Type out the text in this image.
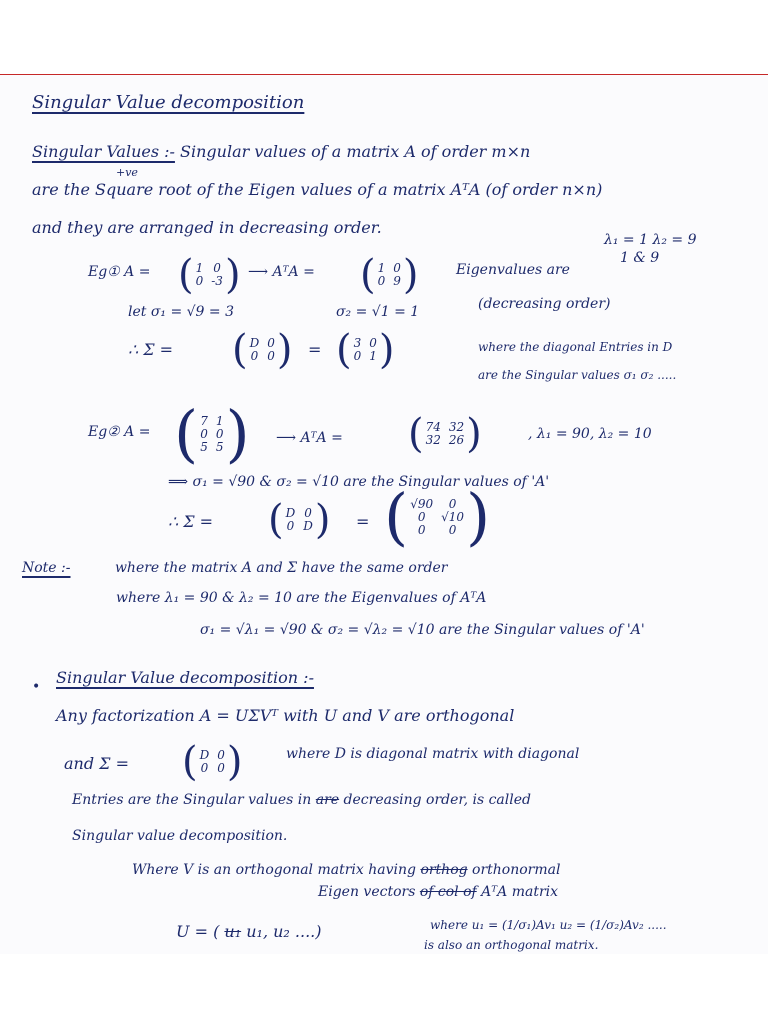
Singular Value decomposition
Singular Values :- Singular values of a matrix A of order m×n
+ve
are the Square root of the Eigen values of a matrix AᵀA (of order n×n)
and they are arranged in decreasing order.
λ₁ = 1 λ₂ = 9
1 & 9
Eg① A = ( 1 0
0 -3 ) ⟶ AᵀA = ( 1 0
0 9 )	Eigenvalues are
let σ₁ = √9 = 3	σ₂ = √1 = 1	(decreasing order)
∴ Σ = ( D 0
0 0 ) = ( 3 0
0 1 )	where the diagonal Entries in D
are the Singular values σ₁ σ₂ .....
Eg② A = ( 7 1
0 0
5 5 ) ⟶ AᵀA = ( 74 32
32 26 )	, λ₁ = 90, λ₂ = 10
⟹ σ₁ = √90 & σ₂ = √10 are the Singular values of 'A'
∴ Σ = ( D 0
0 D ) = ( √90	0
0	√10
0	0 )
Note :-	where the matrix A and Σ have the same order
where λ₁ = 90 & λ₂ = 10 are the Eigenvalues of AᵀA
σ₁ = √λ₁ = √90 & σ₂ = √λ₂ = √10 are the Singular values of 'A'
• Singular Value decomposition :-
Any factorization A = UΣVᵀ with U and V are orthogonal
and Σ = ( D 0
0 0 )	where D is diagonal matrix with diagonal
Entries are the Singular values in are decreasing order, is called
Singular value decomposition.
Where V is an orthogonal matrix having orthog orthonormal
Eigen vectors of col of AᵀA matrix
U = ( u₁ u₁, u₂ ....)	where u₁ = (1/σ₁)Av₁ u₂ = (1/σ₂)Av₂ .....
is also an orthogonal matrix.
